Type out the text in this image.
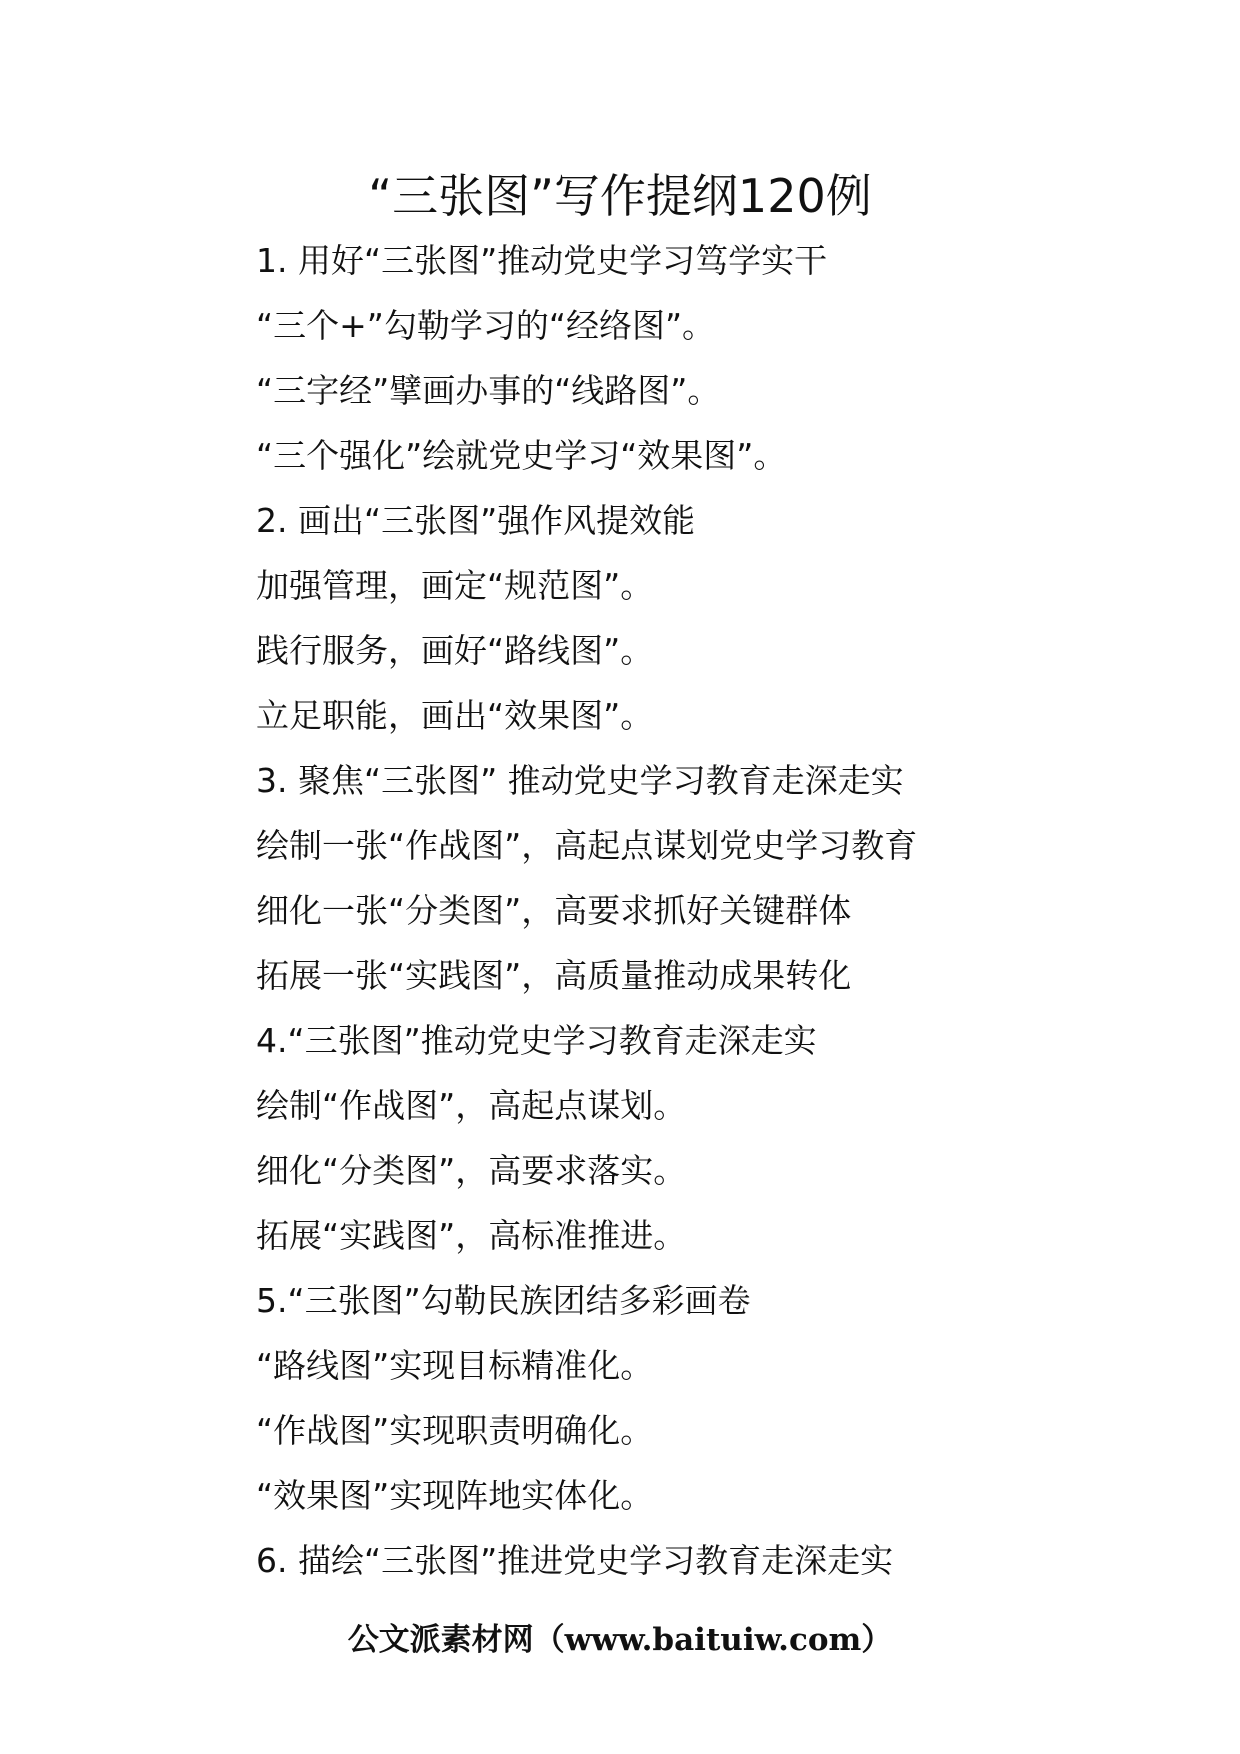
“三张图”写作提纲120例
1. 用好“三张图”推动党史学习笃学实干
“三个+”勾勒学习的“经络图”。
“三字经”擘画办事的“线路图”。
“三个强化”绘就党史学习“效果图”。
2. 画出“三张图”强作风提效能
加强管理，画定“规范图”。
践行服务，画好“路线图”。
立足职能，画出“效果图”。
3. 聚焦“三张图” 推动党史学习教育走深走实
绘制一张“作战图”，高起点谋划党史学习教育
细化一张“分类图”，高要求抓好关键群体
拓展一张“实践图”，高质量推动成果转化
4.“三张图”推动党史学习教育走深走实
绘制“作战图”，高起点谋划。
细化“分类图”，高要求落实。
拓展“实践图”，高标准推进。
5.“三张图”勾勒民族团结多彩画卷
“路线图”实现目标精准化。
“作战图”实现职责明确化。
“效果图”实现阵地实体化。
6. 描绘“三张图”推进党史学习教育走深走实
公文派素材网（www.baituiw.com）
